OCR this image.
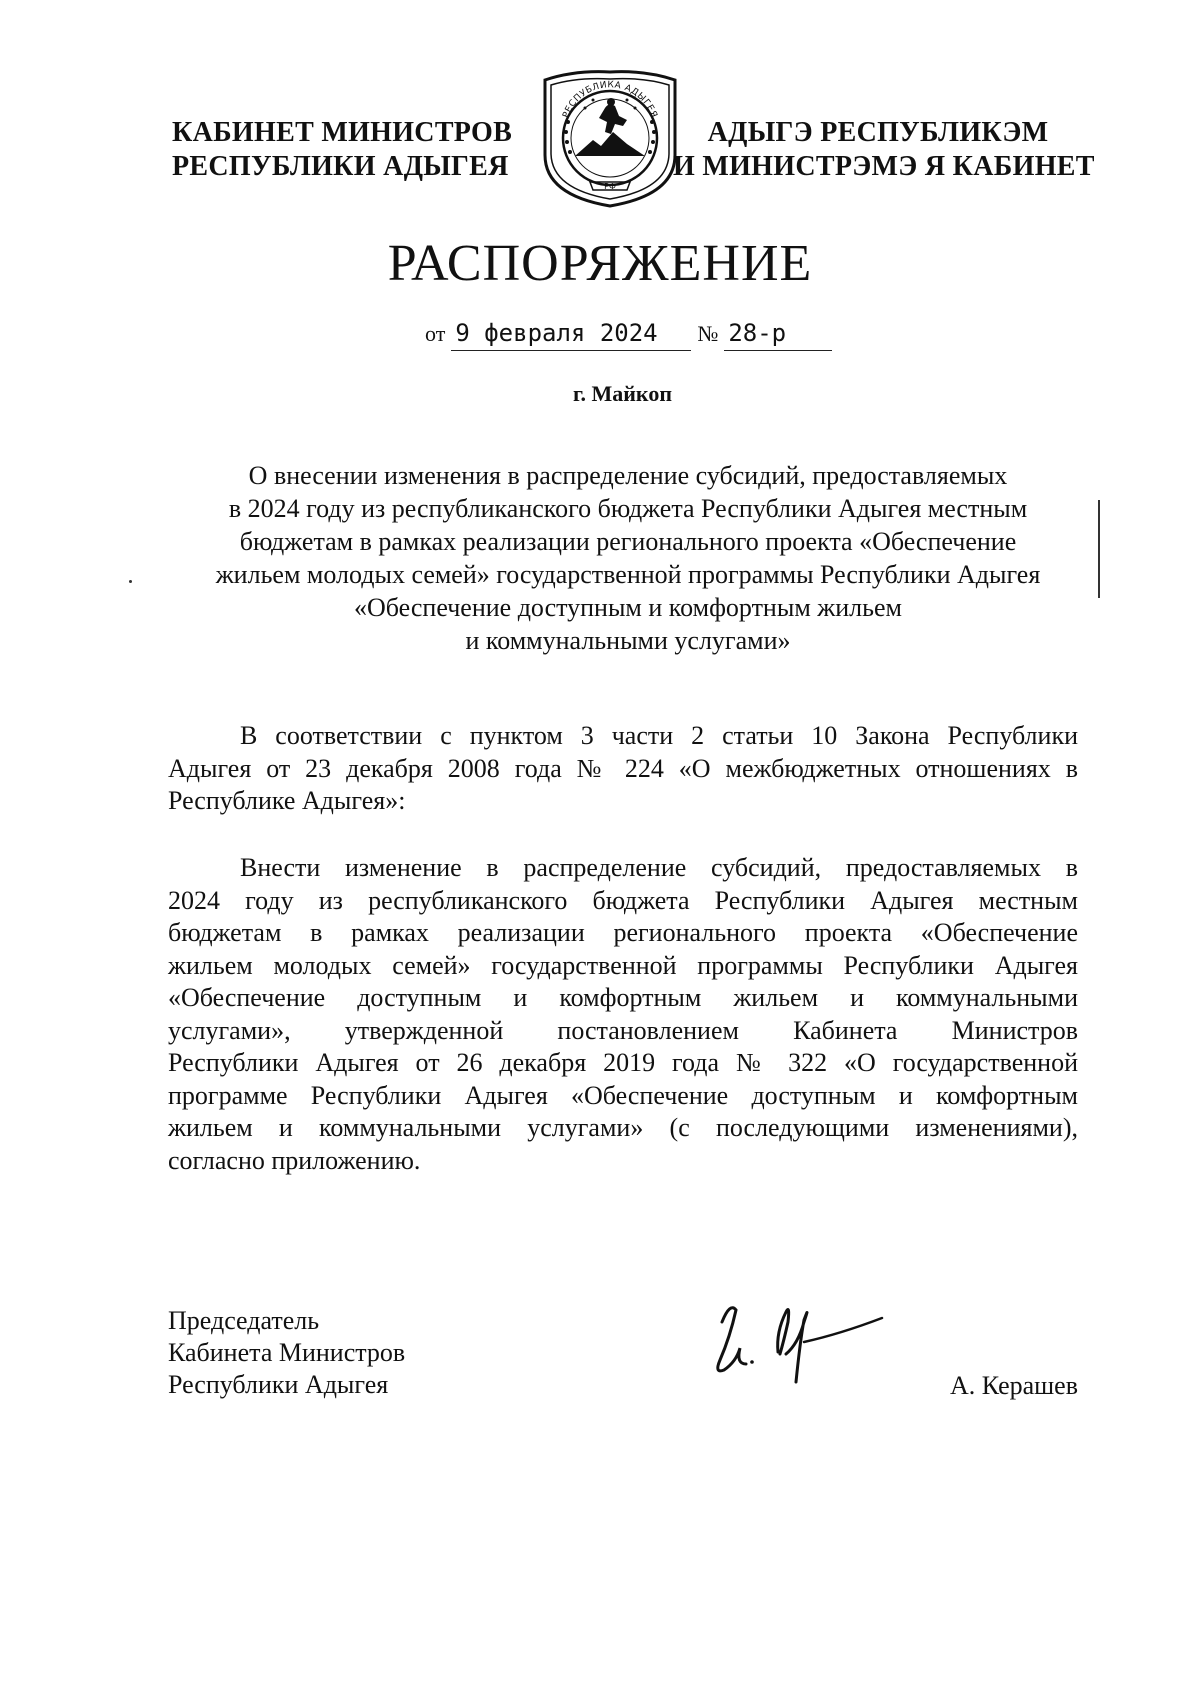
КАБИНЕТ МИНИСТРОВ
РЕСПУБЛИКИ АДЫГЕЯ
РФ
РЕСПУБЛИКА АДЫГЕЯ
АДЫГЭ РЕСПУБЛИКЭМ
И МИНИСТРЭМЭ Я КАБИНЕТ
РАСПОРЯЖЕНИЕ
от 9 февраля 2024 № 28-р
г. Майкоп
О внесении изменения в распределение субсидий, предоставляемых
в 2024 году из республиканского бюджета Республики Адыгея местным
бюджетам в рамках реализации регионального проекта «Обеспечение
жильем молодых семей» государственной программы Республики Адыгея
«Обеспечение доступным и комфортным жильем
и коммунальными услугами»
В соответствии с пунктом 3 части 2 статьи 10 Закона Республики
Адыгея от 23 декабря 2008 года № 224 «О межбюджетных отношениях в
Республике Адыгея»:
Внести изменение в распределение субсидий, предоставляемых в
2024 году из республиканского бюджета Республики Адыгея местным
бюджетам в рамках реализации регионального проекта «Обеспечение
жильем молодых семей» государственной программы Республики Адыгея
«Обеспечение доступным и комфортным жильем и коммунальными
услугами», утвержденной постановлением Кабинета Министров
Республики Адыгея от 26 декабря 2019 года № 322 «О государственной
программе Республики Адыгея «Обеспечение доступным и комфортным
жильем и коммунальными услугами» (с последующими изменениями),
согласно приложению.
Председатель
Кабинета Министров
Республики Адыгея	А. Керашев
